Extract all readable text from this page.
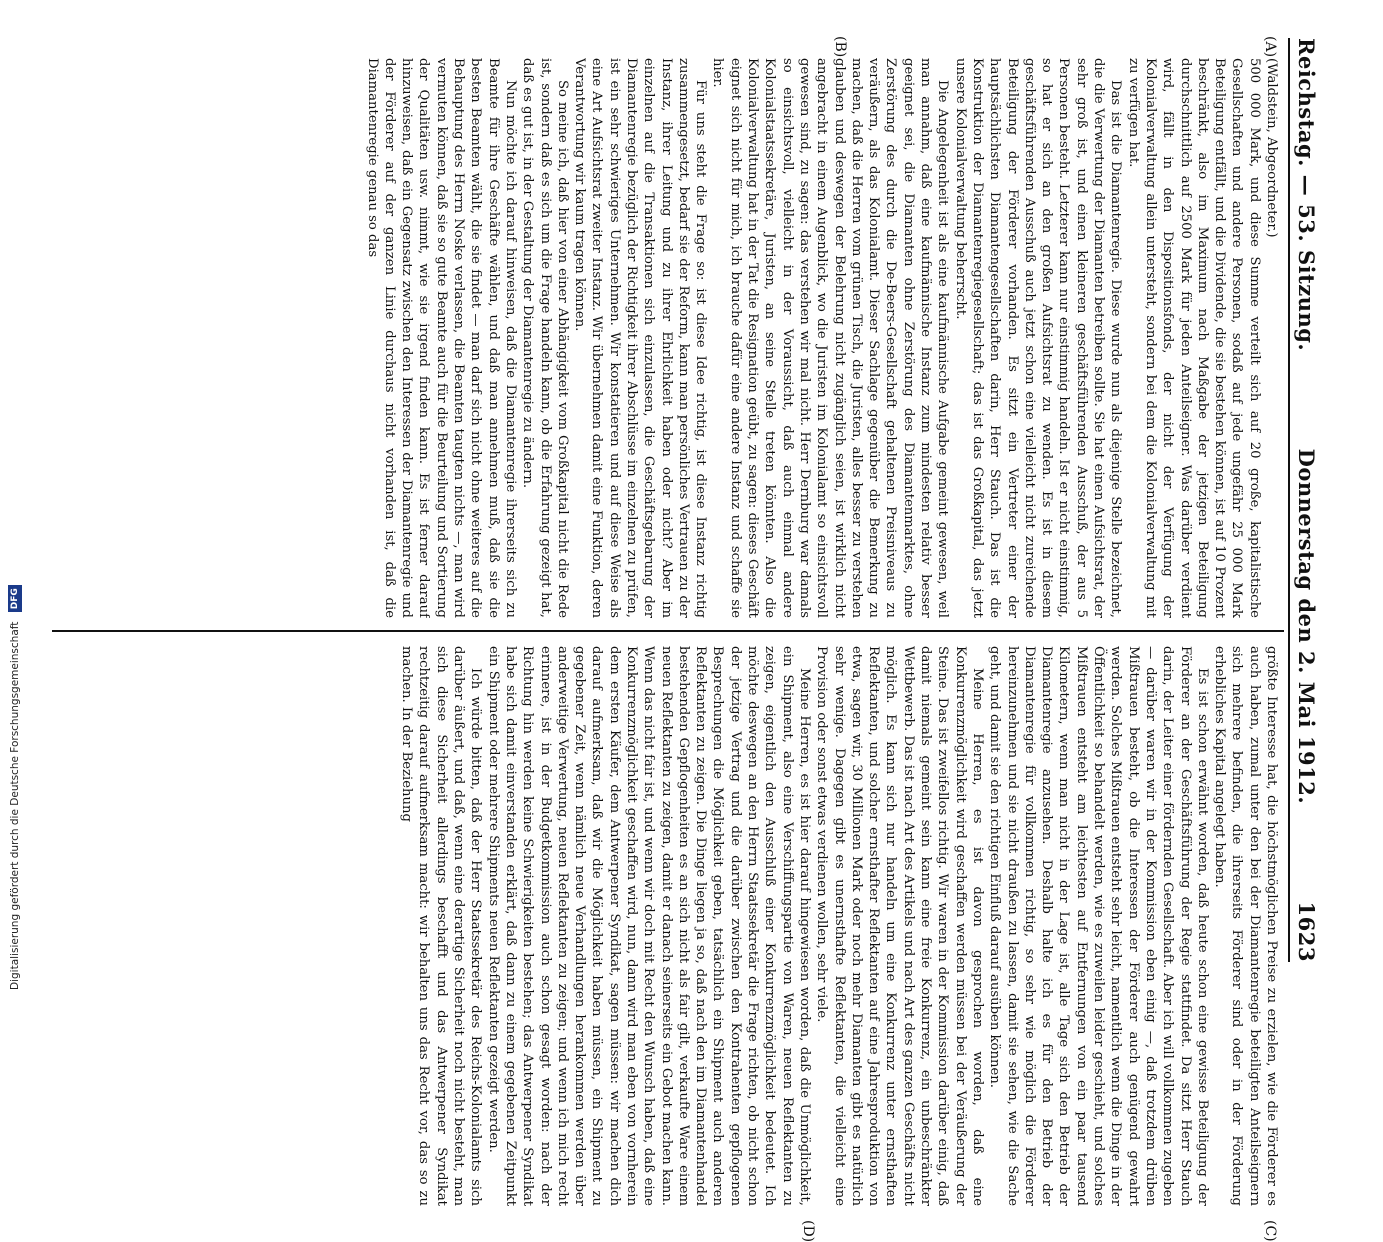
Reichstag. — 53. Sitzung.
Donnerstag den 2. Mai 1912.
1623
(A)
(B)
(C)
(D)

(Waldstein, Abgeordneter.)

500 000 Mark, und diese Summe verteilt sich auf 20 große, kapitalistische Gesellschaften und andere Personen, sodaß auf jede ungefähr 25 000 Mark Beteiligung entfällt, und die Dividende, die sie bestehen können, ist auf 10 Prozent beschränkt, also im Maximum nach Maßgabe der jetzigen Beteiligung durchschnittlich auf 2500 Mark für jeden Anteilseigner. Was darüber verdient wird, fällt in den Dispositionsfonds, der nicht der Verfügung der Kolonialverwaltung allein untersteht, sondern bei dem die Kolonialverwaltung mit zu verfügen hat.

Das ist die Diamantenregie. Diese wurde nun als diejenige Stelle bezeichnet, die die Verwertung der Diamanten betreiben sollte. Sie hat einen Aufsichtsrat, der sehr groß ist, und einen kleineren geschäftsführenden Ausschuß, der aus 5 Personen besteht. Letzterer kann nur einstimmig handeln. Ist er nicht einstimmig, so hat er sich an den großen Aufsichtsrat zu wenden. Es ist in diesem geschäftsführenden Ausschuß auch jetzt schon eine vielleicht nicht zureichende Beteiligung der Förderer vorhanden. Es sitzt ein Vertreter einer der hauptsächlichsten Diamantengesellschaften darin, Herr Stauch. Das ist die Konstruktion der Diamantenregiegesellschaft; das ist das Großkapital, das jetzt unsere Kolonialverwaltung beherrscht.

Die Angelegenheit ist als eine kaufmännische Aufgabe gemeint gewesen, weil man annahm, daß eine kaufmännische Instanz zum mindesten relativ besser geeignet sei, die Diamanten ohne Zerstörung des Diamantenmarktes, ohne Zerstörung des durch die De-Beers-Gesellschaft gehaltenen Preisniveaus zu veräußern, als das Kolonialamt. Dieser Sachlage gegenüber die Bemerkung zu machen, daß die Herren vom grünen Tisch, die Juristen, alles besser zu verstehen glauben und deswegen der Belehrung nicht zugänglich seien, ist wirklich nicht angebracht in einem Augenblick, wo die Juristen im Kolonialamt so einsichtsvoll gewesen sind, zu sagen: das verstehen wir mal nicht. Herr Dernburg war damals so einsichtsvoll, vielleicht in der Voraussicht, daß auch einmal andere Kolonialstaatssekretäre, Juristen, an seine Stelle treten könnten. Also die Kolonialverwaltung hat in der Tat die Resignation geübt, zu sagen: dieses Geschäft eignet sich nicht für mich, ich brauche dafür eine andere Instanz und schaffe sie hier.

Für uns steht die Frage so: ist diese Idee richtig, ist diese Instanz richtig zusammengesetzt, bedarf sie der Reform, kann man persönliches Vertrauen zu der Instanz, ihrer Leitung und zu ihrer Ehrlichkeit haben oder nicht? Aber im einzelnen auf die Transaktionen sich einzulassen, die Geschäftsgebarung der Diamantenregie bezüglich der Richtigkeit ihrer Abschlüsse im einzelnen zu prüfen, ist ein sehr schwieriges Unternehmen. Wir konstatieren und auf diese Weise als eine Art Aufsichtsrat zweiter Instanz. Wir übernehmen damit eine Funktion, deren Verantwortung wir kaum tragen können.

So meine ich, daß hier von einer Abhängigkeit vom Großkapital nicht die Rede ist, sondern daß es sich um die Frage handeln kann, ob die Erfahrung gezeigt hat, daß es gut ist, in der Gestaltung der Diamantenregie zu ändern.

Nun möchte ich darauf hinweisen, daß die Diamantenregie ihrerseits sich zu Beamte für ihre Geschäfte wählen, und daß man annehmen muß, daß sie die besten Beamten wählt, die sie findet — man darf sich nicht ohne weiteres auf die Behauptung des Herrn Noske verlassen, die Beamten taugten nichts —, man wird vermuten können, daß sie so gute Beamte auch für die Beurteilung und Sortierung der Qualitäten usw. nimmt, wie sie irgend finden kann. Es ist ferner darauf hinzuweisen, daß ein Gegensatz zwischen den Interessen der Diamantenregie und der Förderer auf der ganzen Linie durchaus nicht vorhanden ist, daß die Diamantenregie genau so das

größte Interesse hat, die höchstmöglichen Preise zu erzielen, wie die Förderer es auch haben, zumal unter den bei der Diamantenregie beteiligten Anteilseignern sich mehrere befinden, die ihrerseits Förderer sind oder in der Förderung erhebliches Kapital angelegt haben.

Es ist schon erwähnt worden, daß heute schon eine gewisse Beteiligung der Förderer an der Geschäftsführung der Regie stattfindet. Da sitzt Herr Stauch darin, der Leiter einer fördernden Gesellschaft. Aber ich will vollkommen zugeben — darüber waren wir in der Kommission eben einig —, daß trotzdem drüben Mißtrauen besteht, ob die Interessen der Förderer auch genügend gewahrt werden. Solches Mißtrauen entsteht sehr leicht, namentlich wenn die Dinge in der Öffentlichkeit so behandelt werden, wie es zuweilen leider geschieht, und solches Mißtrauen entsteht am leichtesten auf Entfernungen von ein paar tausend Kilometern, wenn man nicht in der Lage ist, alle Tage sich den Betrieb der Diamantenregie anzusehen. Deshalb halte ich es für den Betrieb der Diamantenregie für vollkommen richtig, so sehr wie möglich die Förderer hereinzunehmen und sie nicht draußen zu lassen, damit sie sehen, wie die Sache geht, und damit sie den richtigen Einfluß darauf ausüben können.

Meine Herren, es ist davon gesprochen worden, daß eine Konkurrenzmöglichkeit wird geschaffen werden müssen bei der Veräußerung der Steine. Das ist zweifellos richtig. Wir waren in der Kommission darüber einig, daß damit niemals gemeint sein kann eine freie Konkurrenz, ein unbeschränkter Wettbewerb. Das ist nach Art des Artikels und nach Art des ganzen Geschäfts nicht möglich. Es kann sich nur handeln um eine Konkurrenz unter ernsthaften Reflektanten, und solcher ernsthafter Reflektanten auf eine Jahresproduktion von etwa, sagen wir, 30 Millionen Mark oder noch mehr Diamanten gibt es natürlich sehr wenige. Dagegen gibt es unernsthafte Reflektanten, die vielleicht eine Provision oder sonst etwas verdienen wollen, sehr viele.

Meine Herren, es ist hier darauf hingewiesen worden, daß die Unmöglichkeit, ein Shipment, also eine Verschiffungspartie von Waren, neuen Reflektanten zu zeigen, eigentlich den Ausschluß einer Konkurrenzmöglichkeit bedeutet. Ich möchte deswegen an den Herrn Staatssekretär die Frage richten, ob nicht schon der jetzige Vertrag und die darüber zwischen den Kontrahenten gepflogenen Besprechungen die Möglichkeit geben, tatsächlich ein Shipment auch anderen Reflektanten zu zeigen. Die Dinge liegen ja so, daß nach den im Diamantenhandel bestehenden Gepflogenheiten es an sich nicht als fair gilt, verkaufte Ware einem neuen Reflektanten zu zeigen, damit er danach seinerseits ein Gebot machen kann. Wenn das nicht fair ist, und wenn wir doch mit Recht den Wunsch haben, daß eine Konkurrenzmöglichkeit geschaffen wird, nun, dann wird man eben von vornherein dem ersten Käufer, dem Antwerpener Syndikat, sagen müssen: wir machen dich darauf aufmerksam, daß wir die Möglichkeit haben müssen, ein Shipment zu gegebener Zeit, wenn nämlich neue Verhandlungen herankommen werden über anderweitige Verwertung, neuen Reflektanten zu zeigen; und wenn ich mich recht erinnere, ist in der Budgetkommission auch schon gesagt worden: nach der Richtung hin werden keine Schwierigkeiten bestehen; das Antwerpener Syndikat habe sich damit einverstanden erklärt, daß dann zu einem gegebenen Zeitpunkt ein Shipment oder mehrere Shipments neuen Reflektanten gezeigt werden.

Ich würde bitten, daß der Herr Staatssekretär des Reichs-Kolonialamts sich darüber äußert, und daß, wenn eine derartige Sicherheit noch nicht besteht, man sich diese Sicherheit allerdings beschafft und das Antwerpener Syndikat rechtzeitig darauf aufmerksam macht: wir behalten uns das Recht vor, das so zu machen. In der Beziehung

Digitalisierung gefördert durch die Deutsche Forschungsgemeinschaft DFG
